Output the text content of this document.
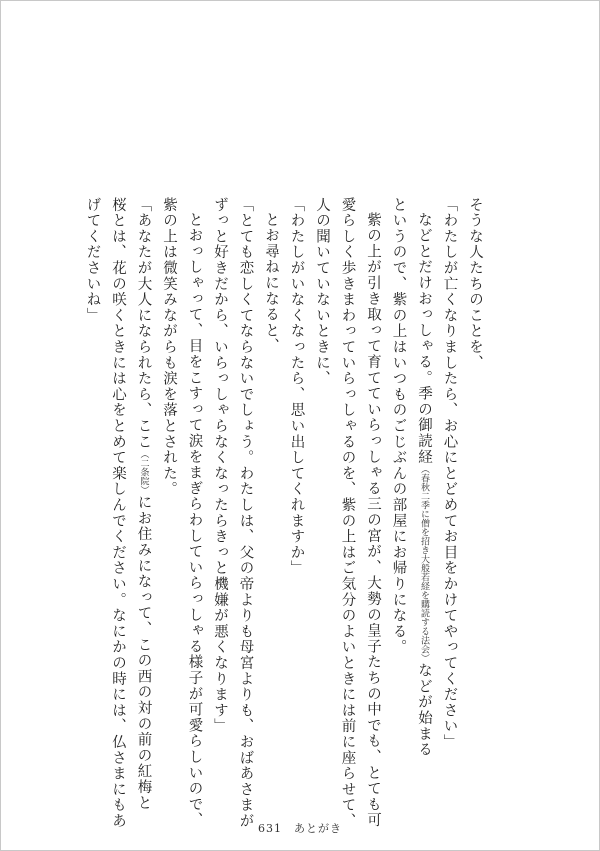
そうな人たちのことを、
「わたしが亡くなりましたら、お心にとどめてお目をかけてやってください」
などとだけおっしゃる。季の御読経（春秋二季に僧を招き大般若経を購読する法会）などが始まる
というので、紫の上はいつものごじぶんの部屋にお帰りになる。
紫の上が引き取って育てていらっしゃる三の宮が、大勢の皇子たちの中でも、とても可
愛らしく歩きまわっていらっしゃるのを、紫の上はご気分のよいときには前に座らせて、
人の聞いていないときに、
「わたしがいなくなったら、思い出してくれますか」
とお尋ねになると、
「とても恋しくてならないでしょう。わたしは、父の帝よりも母宮よりも、おばあさまが
ずっと好きだから、いらっしゃらなくなったらきっと機嫌が悪くなります」
とおっしゃって、目をこすって涙をまぎらわしていらっしゃる様子が可愛らしいので、
紫の上は微笑みながらも涙を落とされた。
「あなたが大人になられたら、ここ（二条院）にお住みになって、この西の対の前の紅梅と
桜とは、花の咲くときには心をとめて楽しんでください。なにかの時には、仏さまにもあ
げてくださいね」
631 あとがき
